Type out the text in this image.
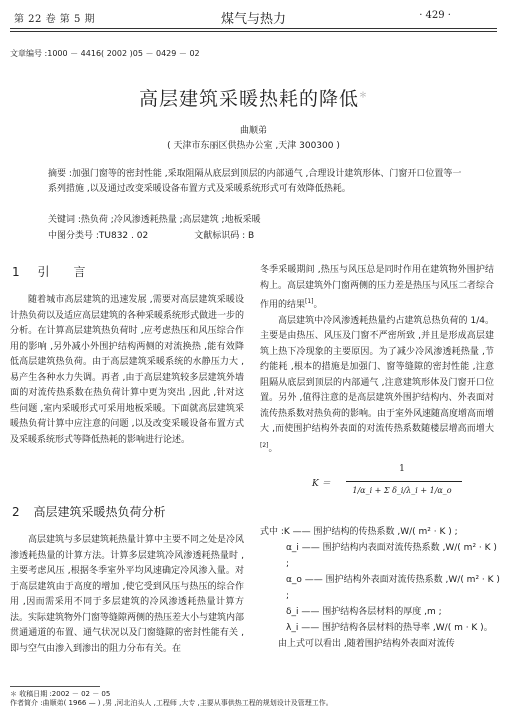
第 22 卷 第 5 期	煤气与热力	· 429 ·
文章编号 :1000 － 4416( 2002 )05 － 0429 － 02
高层建筑采暖热耗的降低＊
曲顺弟
( 天津市东丽区供热办公室 ,天津 300300 )
摘要 :加强门窗等的密封性能 ,采取阻隔从底层到顶层的内部通气 ,合理设计建筑形体、门窗开口位置等一系列措施 ,以及通过改变采暖设备布置方式及采暖系统形式可有效降低热耗。
关键词 :热负荷 ;冷风渗透耗热量 ;高层建筑 ;地板采暖
中图分类号 :TU832 . 02	文献标识码 : B
1 引　　言

随着城市高层建筑的迅速发展 ,需要对高层建筑采暖设计热负荷以及适应高层建筑的各种采暖系统形式做进一步的分析。在计算高层建筑热负荷时 ,应考虑热压和风压综合作用的影响 ,另外减小外围护结构两侧的对流换热 ,能有效降低高层建筑热负荷。由于高层建筑采暖系统的水静压力大 ,易产生各种水力失调。再者 ,由于高层建筑较多层建筑外墙面的对流传热系数在热负荷计算中更为突出 ,因此 ,针对这些问题 ,室内采暖形式可采用地板采暖。下面就高层建筑采暖热负荷计算中应注意的问题 ,以及改变采暖设备布置方式及采暖系统形式等降低热耗的影响进行论述。

2 高层建筑采暖热负荷分析

高层建筑与多层建筑耗热量计算中主要不同之处是冷风渗透耗热量的计算方法。计算多层建筑冷风渗透耗热量时 ,主要考虑风压 ,根据冬季室外平均风速确定冷风渗入量。对于高层建筑由于高度的增加 ,使它受到风压与热压的综合作用 ,因而需采用不同于多层建筑的冷风渗透耗热量计算方法。实际建筑物外门窗等缝隙两侧的热压差大小与建筑内部贯通通道的布置、通气状况以及门窗缝隙的密封性能有关 ,即与空气由渗入到渗出的阻力分布有关。在

冬季采暖期间 ,热压与风压总是同时作用在建筑物外围护结构上。高层建筑外门窗两侧的压力差是热压与风压二者综合作用的结果[1]。

高层建筑中冷风渗透耗热量约占建筑总热负荷的 1/4。主要是由热压、风压及门窗不严密所致 ,并且是形成高层建筑上热下冷现象的主要原因。为了减少冷风渗透耗热量 ,节约能耗 ,根本的措施是加强门、窗等缝隙的密封性能 ,注意阻隔从底层到顶层的内部通气 ,注意建筑形体及门窗开口位置。另外 ,值得注意的是高层建筑外围护结构内、外表面对流传热系数对热负荷的影响。由于室外风速随高度增高而增大 ,而使围护结构外表面的对流传热系数随楼层增高而增大[2]。

K ＝
1
1/α_i + Σ δ_i/λ_i + 1/α_o
式中 :K —— 围护结构的传热系数 ,W/( m² · K ) ;
α_i —— 围护结构内表面对流传热系数 ,W/( m² · K ) ;
α_o —— 围护结构外表面对流传热系数 ,W/( m² · K ) ;
δ_i —— 围护结构各层材料的厚度 ,m ;
λ_i —— 围护结构各层材料的热导率 ,W/( m · K )。
由上式可以看出 ,随着围护结构外表面对流传
＊ 收稿日期 :2002 － 02 － 05
作者简介 :曲顺弟( 1966 — ) ,男 ,河北泊头人 ,工程师 ,大专 ,主要从事供热工程的规划设计及管理工作。
